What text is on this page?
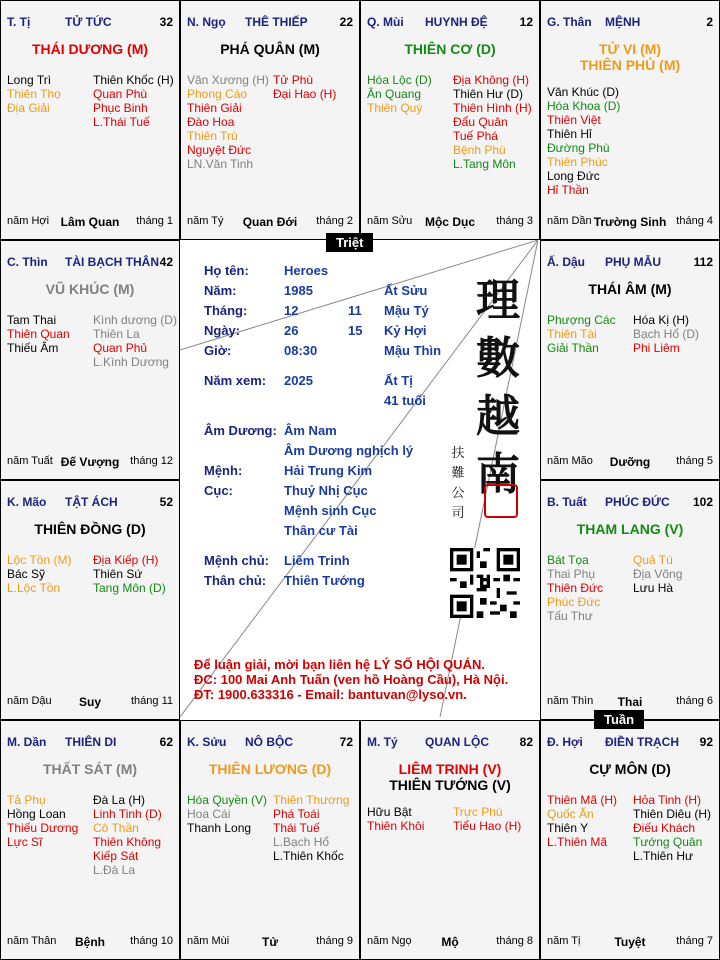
T. Tị	TỬ TỨC	32
THÁI DƯƠNG (M)
Long Trì
Thiên Thọ
Địa Giải
Thiên Khốc (H)
Quan Phù
Phục Binh
L.Thái Tuế
năm Hợi Lâm Quan	tháng 1
N. Ngọ THÊ THIẾP	22
PHÁ QUÂN (M)
Văn Xương (H)
Phong Cáo
Thiên Giải
Đào Hoa
Thiên Trù
Nguyệt Đức
LN.Văn Tinh
Tử Phù
Đại Hao (H)
năm Tý	Quan Đới	tháng 2
Q. Mùi HUYNH ĐỆ	12
THIÊN CƠ (D)
Hóa Lộc (D)
Ân Quang
Thiên Quý
Địa Không (H)
Thiên Hư (D)
Thiên Hình (H)
Đẩu Quân
Tuế Phá
Bệnh Phù
L.Tang Môn
năm Sửu	Mộc Dục	tháng 3
G. Thân MỆNH	2
TỬ VI (M)
THIÊN PHỦ (M)
Văn Khúc (D)
Hóa Khoa (D)
Thiên Việt
Thiên Hỉ
Đường Phù
Thiên Phúc
Long Đức
Hỉ Thần
năm Dần Trường Sinh tháng 4
C. Thìn TÀI BẠCH THÂN 42
VŨ KHÚC (M)
Tam Thai
Thiên Quan
Thiếu Âm
Kình dương (D)
Thiên La
Quan Phủ
L.Kình Dương
năm Tuất Đế Vượng tháng 12
Ấ. Dậu PHỤ MẪU	112
THÁI ÂM (M)
Phượng Các
Thiên Tài
Giải Thần
Hóa Kị (H)
Bạch Hổ (D)
Phi Liêm
năm Mão	Dưỡng	tháng 5
K. Mão TẬT ÁCH	52
THIÊN ĐỒNG (D)
Lộc Tồn (M)
Bác Sỹ
L.Lộc Tồn
Địa Kiếp (H)
Thiên Sứ
Tang Môn (D)
năm Dậu	Suy	tháng 11
B. Tuất PHÚC ĐỨC 102
THAM LANG (V)
Bát Tọa
Thai Phụ
Thiên Đức
Phúc Đức
Tấu Thư
Quả Tú
Địa Võng
Lưu Hà
năm Thìn	Thai	tháng 6
M. Dần THIÊN DI	62
THẤT SÁT (M)
Tả Phụ
Hồng Loan
Thiếu Dương
Lực Sĩ
Đà La (H)
Linh Tinh (D)
Cô Thần
Thiên Không
Kiếp Sát
L.Đà La
năm Thân	Bệnh	tháng 10
K. Sửu NÔ BỘC	72
THIÊN LƯƠNG (D)
Hóa Quyền (V)
Hoa Cái
Thanh Long
Thiên Thương
Phá Toái
Thái Tuế
L.Bạch Hổ
L.Thiên Khốc
năm Mùi	Tử	tháng 9
M. Tý QUAN LỘC	82
LIÊM TRINH (V)
THIÊN TƯỚNG (V)
Hữu Bật
Thiên Khôi
Trực Phù
Tiểu Hao (H)
năm Ngọ	Mộ	tháng 8
Đ. Hợi ĐIỀN TRẠCH 92
CỰ MÔN (D)
Thiên Mã (H)
Quốc Ấn
Thiên Y
L.Thiên Mã
Hỏa Tinh (H)
Thiên Diêu (H)
Điếu Khách
Tướng Quân
L.Thiên Hư
năm Tị	Tuyệt	tháng 7
Triệt
Tuần
Họ tên:	Heroes
Năm:	1985	Ất Sửu
Tháng:	12	11 Mậu Tý
Ngày:	26	15 Kỷ Hợi
Giờ:	08:30	Mậu Thìn
Năm xem: 2025	Ất Tị
41 tuổi
Âm Dương: Âm Nam
Âm Dương nghịch lý
Mệnh:	Hải Trung Kim
Cục:	Thuỷ Nhị Cục
Mệnh sinh Cục
Thân cư Tài
Mệnh chủ: Liêm Trinh
Thân chủ: Thiên Tướng
理
數
越
南
扶
難
公
司
Để luận giải, mời bạn liên hệ LÝ SỐ HỘI QUÁN.
ĐC: 100 Mai Anh Tuấn (ven hồ Hoàng Cầu), Hà Nội.
ĐT: 1900.633316 - Email: bantuvan@lyso.vn.
